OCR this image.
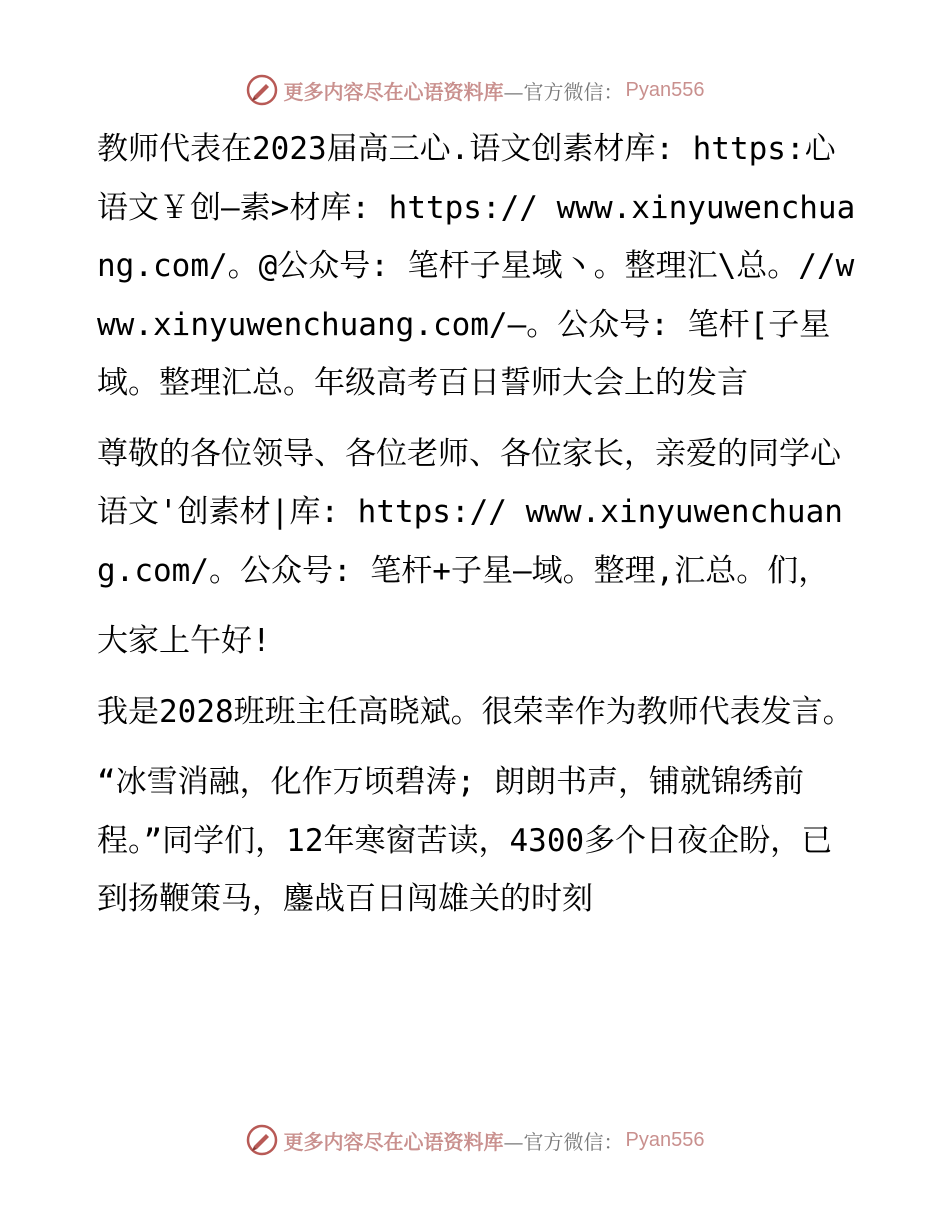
更多内容尽在心语资料库 —官方微信： Pyan556

教师代表在2023届高三心.语文创素材库: https:心语文￥创—素>材库: https:// www.xinyuwenchuang.com/。@公众号: 笔杆子星域丶。整理汇\总。//www.xinyuwenchuang.com/—。公众号: 笔杆[子星域。整理汇总。年级高考百日誓师大会上的发言

尊敬的各位领导、各位老师、各位家长，亲爱的同学心语文'创素材|库: https:// www.xinyuwenchuang.com/。公众号: 笔杆+子星—域。整理,汇总。们，

大家上午好!

我是2028班班主任高晓斌。很荣幸作为教师代表发言。

“冰雪消融，化作万顷碧涛; 朗朗书声，铺就锦绣前程。”同学们，12年寒窗苦读，4300多个日夜企盼，已到扬鞭策马，鏖战百日闯雄关的时刻

更多内容尽在心语资料库 —官方微信： Pyan556
